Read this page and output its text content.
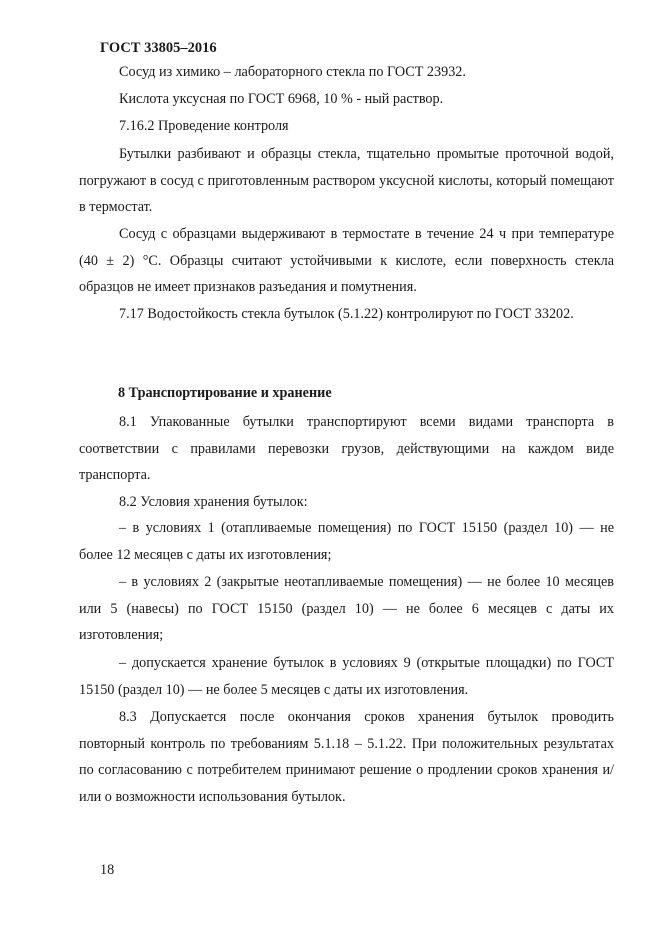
ГОСТ 33805–2016
Сосуд из химико – лабораторного стекла по ГОСТ 23932.
Кислота уксусная по ГОСТ 6968, 10 % - ный раствор.
7.16.2 Проведение контроля
Бутылки разбивают и образцы стекла, тщательно промытые проточной водой, погружают в сосуд с приготовленным раствором уксусной кислоты, который помещают в термостат.
Сосуд с образцами выдерживают в термостате в течение 24 ч при температуре (40 ± 2) °С. Образцы считают устойчивыми к кислоте, если поверхность стекла образцов не имеет признаков разъедания и помутнения.
7.17 Водостойкость стекла бутылок (5.1.22) контролируют по ГОСТ 33202.
8 Транспортирование и хранение
8.1 Упакованные бутылки транспортируют всеми видами транспорта в соответствии с правилами перевозки грузов, действующими на каждом виде транспорта.
8.2 Условия хранения бутылок:
– в условиях 1 (отапливаемые помещения) по ГОСТ 15150 (раздел 10) — не более 12 месяцев с даты их изготовления;
– в условиях 2 (закрытые неотапливаемые помещения) — не более 10 месяцев или 5 (навесы) по ГОСТ 15150 (раздел 10) — не более 6 месяцев с даты их изготовления;
– допускается хранение бутылок в условиях 9 (открытые площадки) по ГОСТ 15150 (раздел 10) — не более 5 месяцев с даты их изготовления.
8.3 Допускается после окончания сроков хранения бутылок проводить повторный контроль по требованиям 5.1.18 – 5.1.22. При положительных результатах по согласованию с потребителем принимают решение о продлении сроков хранения и/или о возможности использования бутылок.
18
